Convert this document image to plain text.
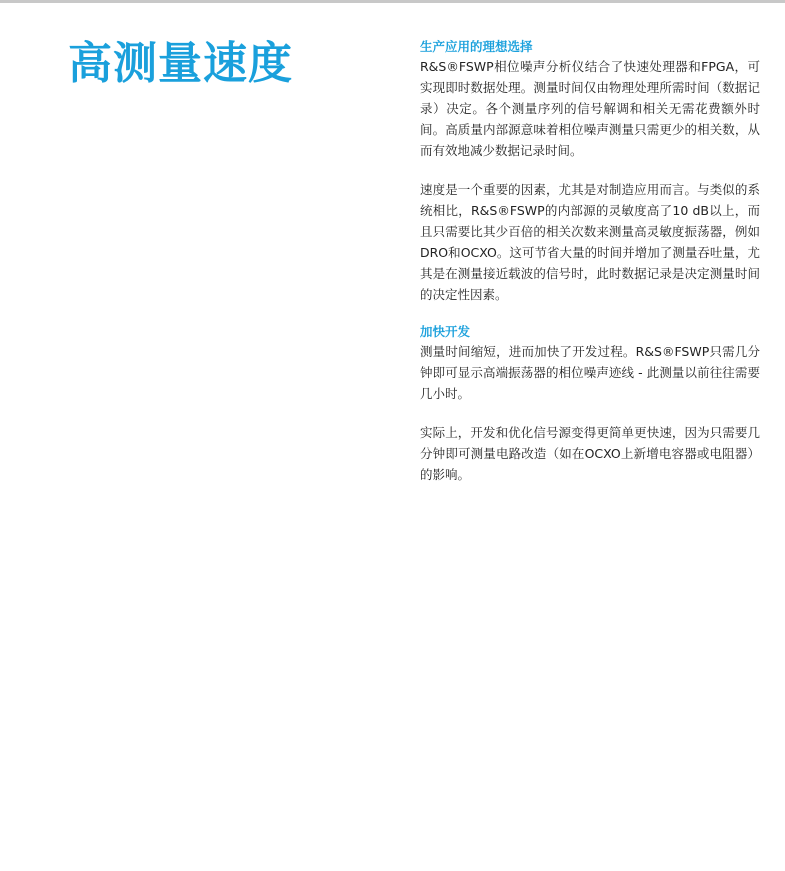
高测量速度	生产应用的理想选择

R&S®FSWP相位噪声分析仪结合了快速处理器和FPGA，可实现即时数据处理。测量时间仅由物理处理所需时间（数据记录）决定。各个测量序列的信号解调和相关无需花费额外时间。高质量内部源意味着相位噪声测量只需更少的相关数，从而有效地减少数据记录时间。

速度是一个重要的因素，尤其是对制造应用而言。与类似的系统相比，R&S®FSWP的内部源的灵敏度高了10 dB以上，而且只需要比其少百倍的相关次数来测量高灵敏度振荡器，例如DRO和OCXO。这可节省大量的时间并增加了测量吞吐量，尤其是在测量接近载波的信号时，此时数据记录是决定测量时间的决定性因素。

加快开发

测量时间缩短，进而加快了开发过程。R&S®FSWP只需几分钟即可显示高端振荡器的相位噪声迹线 - 此测量以前往往需要几小时。

实际上，开发和优化信号源变得更简单更快速，因为只需要几分钟即可测量电路改造（如在OCXO上新增电容器或电阻器）的影响。
